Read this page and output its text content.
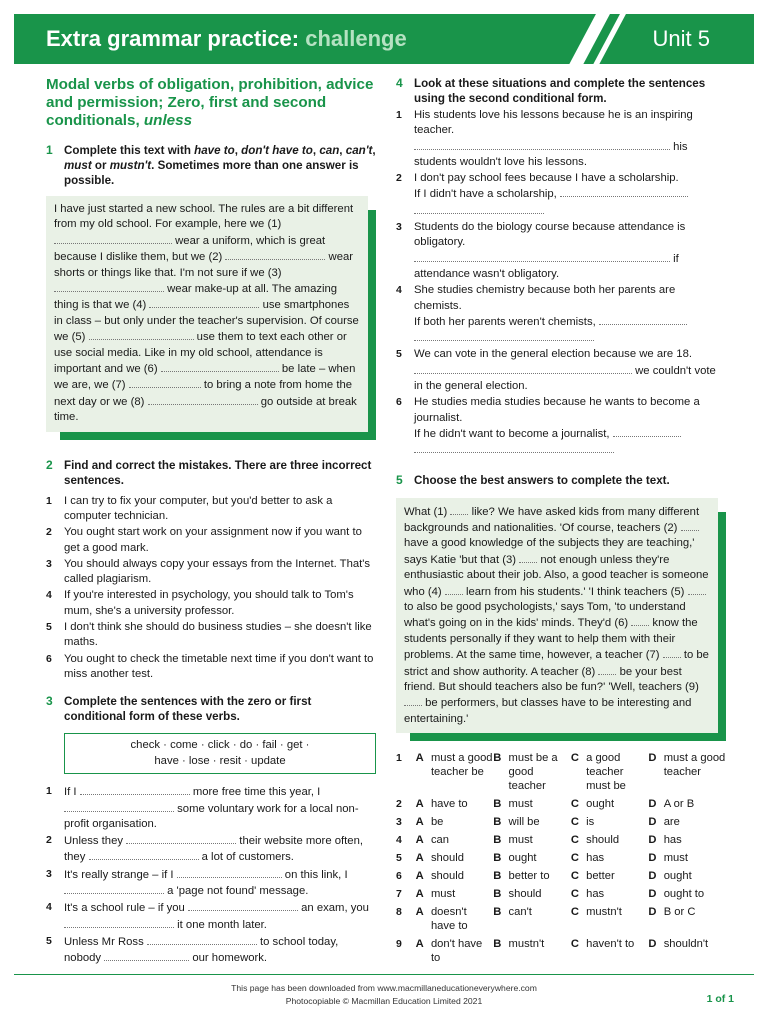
Extra grammar practice: challenge	Unit 5
Modal verbs of obligation, prohibition, advice and permission; Zero, first and second conditionals, unless
1 Complete this text with have to, don't have to, can, can't, must or mustn't. Sometimes more than one answer is possible.

I have just started a new school. The rules are a bit different from my old school. For example, here we (1)  wear a uniform, which is great because I dislike them, but we (2)	wear shorts or things like that. I'm not sure if we (3)  wear make-up at all. The amazing thing is that we (4)	use smartphones in class – but only under the teacher's supervision. Of course we (5)	use them to text each other or use social media. Like in my old school, attendance is important and we (6)	be late – when we are, we (7)	to bring a note from home the next day or we (8)	go outside at break time.

2 Find and correct the mistakes. There are three incorrect sentences.
1 I can try to fix your computer, but you'd better to ask a computer technician.
2 You ought start work on your assignment now if you want to get a good mark.
3 You should always copy your essays from the Internet. That's called plagiarism.
4 If you're interested in psychology, you should talk to Tom's mum, she's a university professor.
5 I don't think she should do business studies – she doesn't like maths.
6 You ought to check the timetable next time if you don't want to miss another test.
3 Complete the sentences with the zero or first conditional form of these verbs.
check · come · click · do · fail · get ·
have · lose · resit · update
1 If I	more free time this year, I  some voluntary work for a local non-profit organisation.
2 Unless they	their website more often, they	a lot of customers.
3 It's really strange – if I	on this link, I  a 'page not found' message.
4 It's a school rule – if you	an exam, you  it one month later.
5 Unless Mr Ross	to school today, nobody	our homework.
4 Look at these situations and complete the sentences using the second conditional form.
1 His students love his lessons because he is an inspiring teacher.
his students wouldn't love his lessons.
2 I don't pay school fees because I have a scholarship.
If I didn't have a scholarship,

3 Students do the biology course because attendance is obligatory.
if attendance wasn't obligatory.
4 She studies chemistry because both her parents are chemists.
If both her parents weren't chemists,

5 We can vote in the general election because we are 18.
we couldn't vote in the general election.
6 He studies media studies because he wants to become a journalist.
If he didn't want to become a journalist,

5 Choose the best answers to complete the text.

What (1)  like? We have asked kids from many different backgrounds and nationalities. 'Of course, teachers (2)  have a good knowledge of the subjects they are teaching,' says Katie 'but that (3)  not enough unless they're enthusiastic about their job. Also, a good teacher is someone who (4)  learn from his students.' 'I think teachers (5)  to also be good psychologists,' says Tom, 'to understand what's going on in the kids' minds. They'd (6)  know the students personally if they want to help them with their problems. At the same time, however, a teacher (7)  to be strict and show authority. A teacher (8)  be your best friend. But should teachers also be fun?' 'Well, teachers (9)  be performers, but classes have to be interesting and entertaining.'

1	A	must a good teacher be	B	must be a good teacher	C	a good teacher must be	D	must a good teacher
2	A	have to	B	must	C	ought	D	A or B
3	A	be	B	will be	C	is	D	are
4	A	can	B	must	C	should	D	has
5	A	should	B	ought	C	has	D	must
6	A	should	B	better to	C	better	D	ought
7	A	must	B	should	C	has	D	ought to
8	A	doesn't have to	B	can't	C	mustn't	D	B or C
9	A	don't have to	B	mustn't	C	haven't to	D	shouldn't
This page has been downloaded from www.macmillaneducationeverywhere.com
Photocopiable © Macmillan Education Limited 2021	1 of 1
